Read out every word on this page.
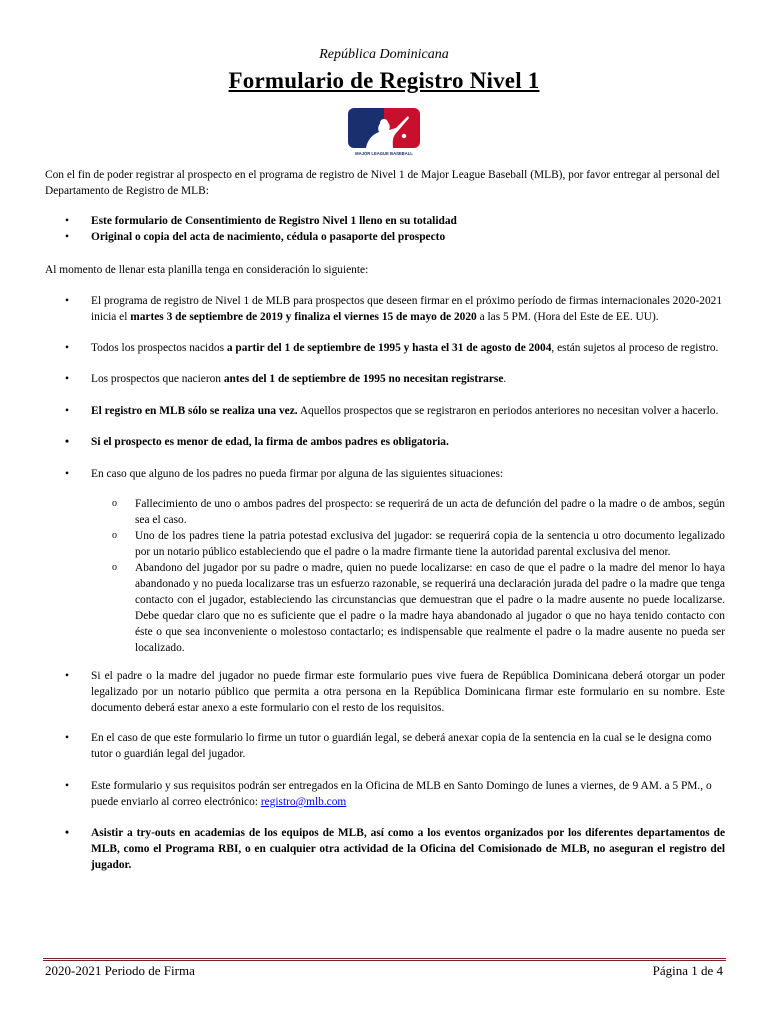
República Dominicana
Formulario de Registro Nivel 1
MAJOR LEAGUE BASEBALL
Con el fin de poder registrar al prospecto en el programa de registro de Nivel 1 de Major League Baseball (MLB), por favor entregar al personal del Departamento de Registro de MLB:
• Este formulario de Consentimiento de Registro Nivel 1 lleno en su totalidad
• Original o copia del acta de nacimiento, cédula o pasaporte del prospecto
Al momento de llenar esta planilla tenga en consideración lo siguiente:
• El programa de registro de Nivel 1 de MLB para prospectos que deseen firmar en el próximo período de firmas internacionales 2020-2021 inicia el martes 3 de septiembre de 2019 y finaliza el viernes 15 de mayo de 2020 a las 5 PM. (Hora del Este de EE. UU).
• Todos los prospectos nacidos a partir del 1 de septiembre de 1995 y hasta el 31 de agosto de 2004, están sujetos al proceso de registro.
• Los prospectos que nacieron antes del 1 de septiembre de 1995 no necesitan registrarse.
• El registro en MLB sólo se realiza una vez. Aquellos prospectos que se registraron en periodos anteriores no necesitan volver a hacerlo.
• Si el prospecto es menor de edad, la firma de ambos padres es obligatoria.
• En caso que alguno de los padres no pueda firmar por alguna de las siguientes situaciones:
o Fallecimiento de uno o ambos padres del prospecto: se requerirá de un acta de defunción del padre o la madre o de ambos, según sea el caso.
o Uno de los padres tiene la patria potestad exclusiva del jugador: se requerirá copia de la sentencia u otro documento legalizado por un notario público estableciendo que el padre o la madre firmante tiene la autoridad parental exclusiva del menor.
o Abandono del jugador por su padre o madre, quien no puede localizarse: en caso de que el padre o la madre del menor lo haya abandonado y no pueda localizarse tras un esfuerzo razonable, se requerirá una declaración jurada del padre o la madre que tenga contacto con el jugador, estableciendo las circunstancias que demuestran que el padre o la madre ausente no puede localizarse. Debe quedar claro que no es suficiente que el padre o la madre haya abandonado al jugador o que no haya tenido contacto con éste o que sea inconveniente o molestoso contactarlo; es indispensable que realmente el padre o la madre ausente no pueda ser localizado.
• Si el padre o la madre del jugador no puede firmar este formulario pues vive fuera de República Dominicana deberá otorgar un poder legalizado por un notario público que permita a otra persona en la República Dominicana firmar este formulario en su nombre. Este documento deberá estar anexo a este formulario con el resto de los requisitos.
• En el caso de que este formulario lo firme un tutor o guardián legal, se deberá anexar copia de la sentencia en la cual se le designa como tutor o guardián legal del jugador.
• Este formulario y sus requisitos podrán ser entregados en la Oficina de MLB en Santo Domingo de lunes a viernes, de 9 AM. a 5 PM., o puede enviarlo al correo electrónico: registro@mlb.com
• Asistir a try-outs en academias de los equipos de MLB, así como a los eventos organizados por los diferentes departamentos de MLB, como el Programa RBI, o en cualquier otra actividad de la Oficina del Comisionado de MLB, no aseguran el registro del jugador.
2020-2021 Periodo de Firma	Página 1 de 4
